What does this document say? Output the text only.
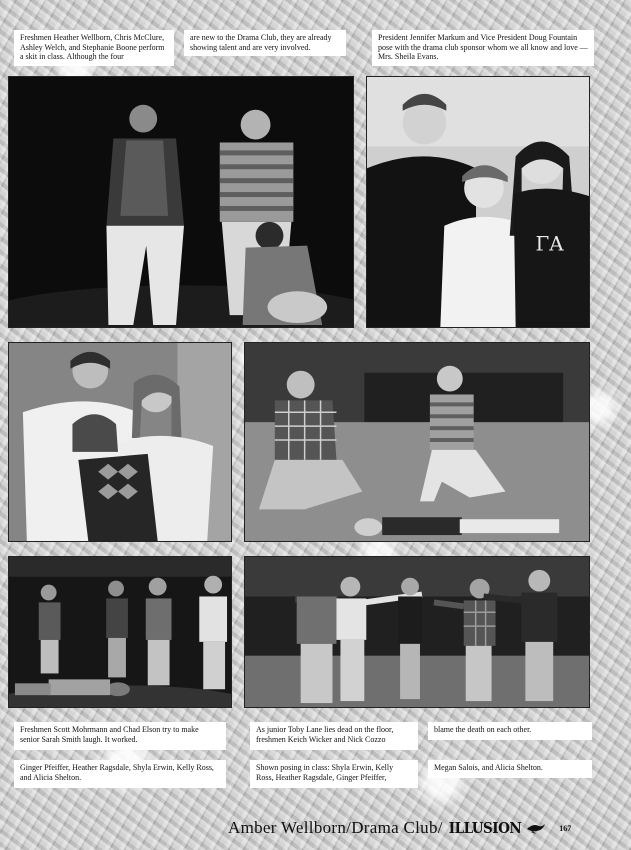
Freshmen Heather Wellborn, Chris McClure, Ashley Welch, and Stephanie Boone perform a skit in class. Although the four
are new to the Drama Club, they are already showing talent and are very involved.
President Jennifer Markum and Vice President Doug Fountain pose with the drama club sponsor whom we all know and love — Mrs. Sheila Evans.
ΓA
Freshmen Scott Mohrmann and Chad Elson try to make senior Sarah Smith laugh. It worked.
As junior Toby Lane lies dead on the floor, freshmen Keich Wicker and Nick Cozzo
blame the death on each other.
Ginger Pfeiffer, Heather Ragsdale, Shyla Erwin, Kelly Ross, and Alicia Shelton.
Shown posing in class: Shyla Erwin, Kelly Ross, Heather Ragsdale, Ginger Pfeiffer,
Megan Salois, and Alicia Shelton.
Amber Wellborn/Drama Club/ ILLUSION	167
